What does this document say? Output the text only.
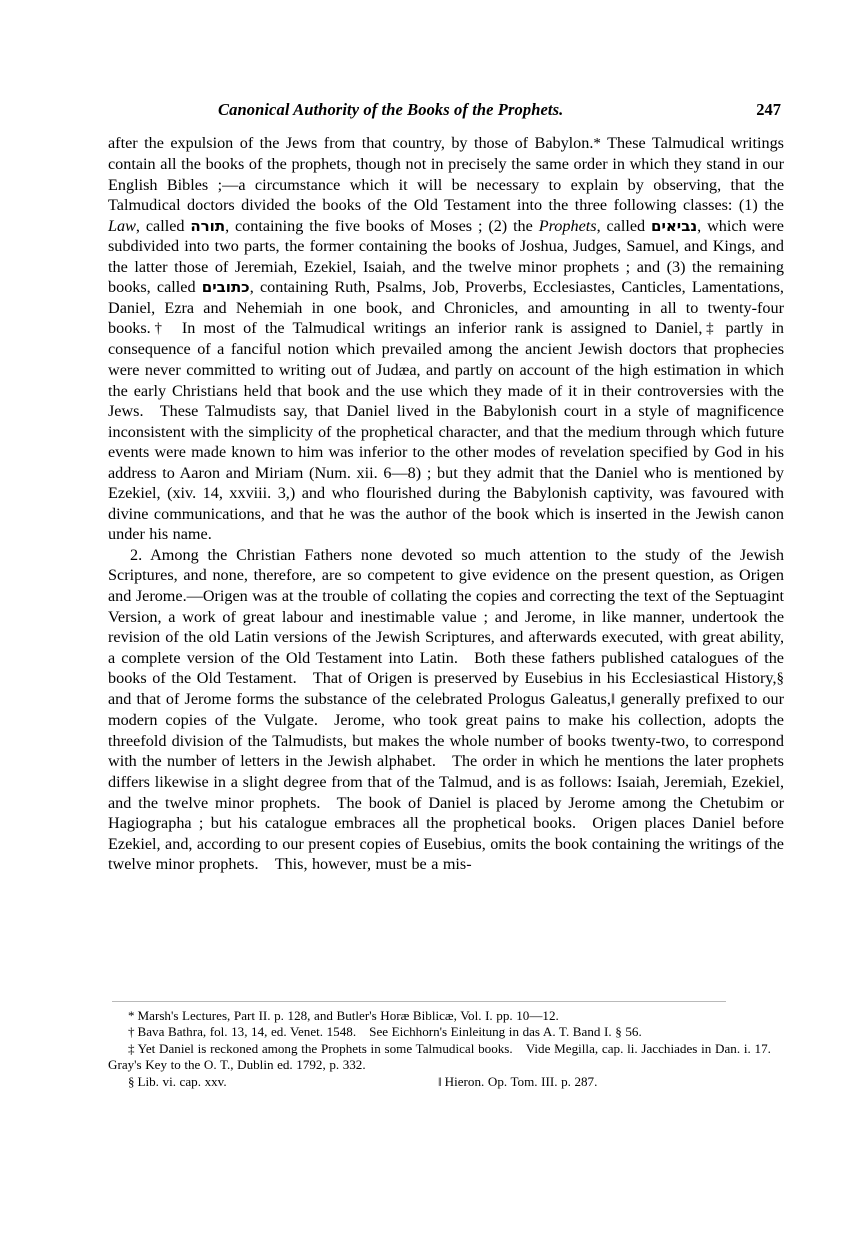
Canonical Authority of the Books of the Prophets.	247

after the expulsion of the Jews from that country, by those of Babylon.* These Talmudical writings contain all the books of the prophets, though not in precisely the same order in which they stand in our English Bibles ;—a circumstance which it will be necessary to explain by observing, that the Talmudical doctors divided the books of the Old Testament into the three following classes: (1) the Law, called תורה, containing the five books of Moses ; (2) the Prophets, called נביאים, which were subdivided into two parts, the former containing the books of Joshua, Judges, Samuel, and Kings, and the latter those of Jeremiah, Ezekiel, Isaiah, and the twelve minor prophets ; and (3) the remaining books, called כתובים, containing Ruth, Psalms, Job, Proverbs, Ecclesiastes, Canticles, Lamentations, Daniel, Ezra and Nehemiah in one book, and Chronicles, and amounting in all to twenty-four books.† In most of the Talmudical writings an inferior rank is assigned to Daniel,‡ partly in consequence of a fanciful notion which prevailed among the ancient Jewish doctors that prophecies were never committed to writing out of Judæa, and partly on account of the high estimation in which the early Christians held that book and the use which they made of it in their controversies with the Jews. These Talmudists say, that Daniel lived in the Babylonish court in a style of magnificence inconsistent with the simplicity of the prophetical character, and that the medium through which future events were made known to him was inferior to the other modes of revelation specified by God in his address to Aaron and Miriam (Num. xii. 6—8) ; but they admit that the Daniel who is mentioned by Ezekiel, (xiv. 14, xxviii. 3,) and who flourished during the Babylonish captivity, was favoured with divine communications, and that he was the author of the book which is inserted in the Jewish canon under his name.

2. Among the Christian Fathers none devoted so much attention to the study of the Jewish Scriptures, and none, therefore, are so competent to give evidence on the present question, as Origen and Jerome.—Origen was at the trouble of collating the copies and correcting the text of the Septuagint Version, a work of great labour and inestimable value ; and Jerome, in like manner, undertook the revision of the old Latin versions of the Jewish Scriptures, and afterwards executed, with great ability, a complete version of the Old Testament into Latin. Both these fathers published catalogues of the books of the Old Testament. That of Origen is preserved by Eusebius in his Ecclesiastical History,§ and that of Jerome forms the substance of the celebrated Prologus Galeatus,‖ generally prefixed to our modern copies of the Vulgate. Jerome, who took great pains to make his collection, adopts the threefold division of the Talmudists, but makes the whole number of books twenty-two, to correspond with the number of letters in the Jewish alphabet. The order in which he mentions the later prophets differs likewise in a slight degree from that of the Talmud, and is as follows: Isaiah, Jeremiah, Ezekiel, and the twelve minor prophets. The book of Daniel is placed by Jerome among the Chetubim or Hagiographa ; but his catalogue embraces all the prophetical books. Origen places Daniel before Ezekiel, and, according to our present copies of Eusebius, omits the book containing the writings of the twelve minor prophets. This, however, must be a mis-

* Marsh's Lectures, Part II. p. 128, and Butler's Horæ Biblicæ, Vol. I. pp. 10—12.

† Bava Bathra, fol. 13, 14, ed. Venet. 1548. See Eichhorn's Einleitung in das A. T. Band I. § 56.

‡ Yet Daniel is reckoned among the Prophets in some Talmudical books. Vide Megilla, cap. li. Jacchiades in Dan. i. 17. Gray's Key to the O. T., Dublin ed. 1792, p. 332.

§ Lib. vi. cap. xxv.	‖ Hieron. Op. Tom. III. p. 287.
